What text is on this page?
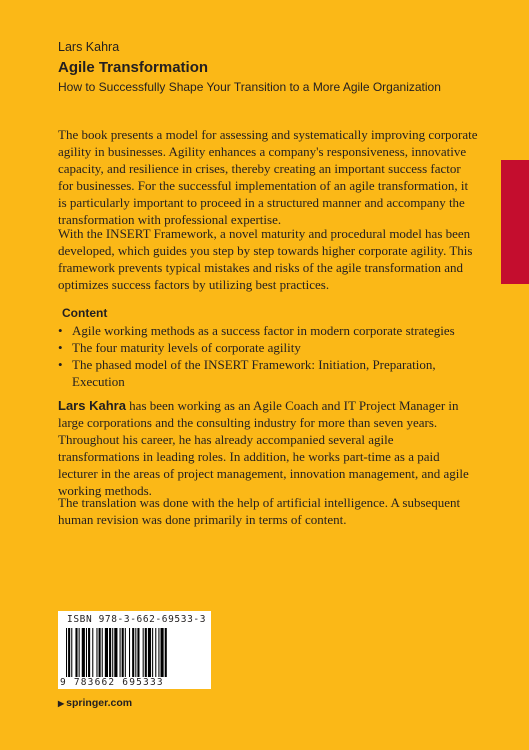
Lars Kahra
Agile Transformation
How to Successfully Shape Your Transition to a More Agile Organization
The book presents a model for assessing and systematically improving corporate agility in businesses. Agility enhances a company's responsiveness, innovative capacity, and resilience in crises, thereby creating an important success factor for businesses. For the successful implementation of an agile transformation, it is particularly important to proceed in a structured manner and accompany the transformation with professional expertise.
With the INSERT Framework, a novel maturity and procedural model has been developed, which guides you step by step towards higher corporate agility. This framework prevents typical mistakes and risks of the agile transformation and optimizes success factors by utilizing best practices.
Content
• Agile working methods as a success factor in modern corporate strategies
• The four maturity levels of corporate agility
• The phased model of the INSERT Framework: Initiation, Preparation, Execution
Lars Kahra has been working as an Agile Coach and IT Project Manager in large corporations and the consulting industry for more than seven years. Throughout his career, he has already accompanied several agile transformations in leading roles. In addition, he works part-time as a paid lecturer in the areas of project management, innovation management, and agile working methods.
The translation was done with the help of artificial intelligence. A subsequent human revision was done primarily in terms of content.
ISBN 978-3-662-69533-3
9 783662 695333
▶ springer.com
